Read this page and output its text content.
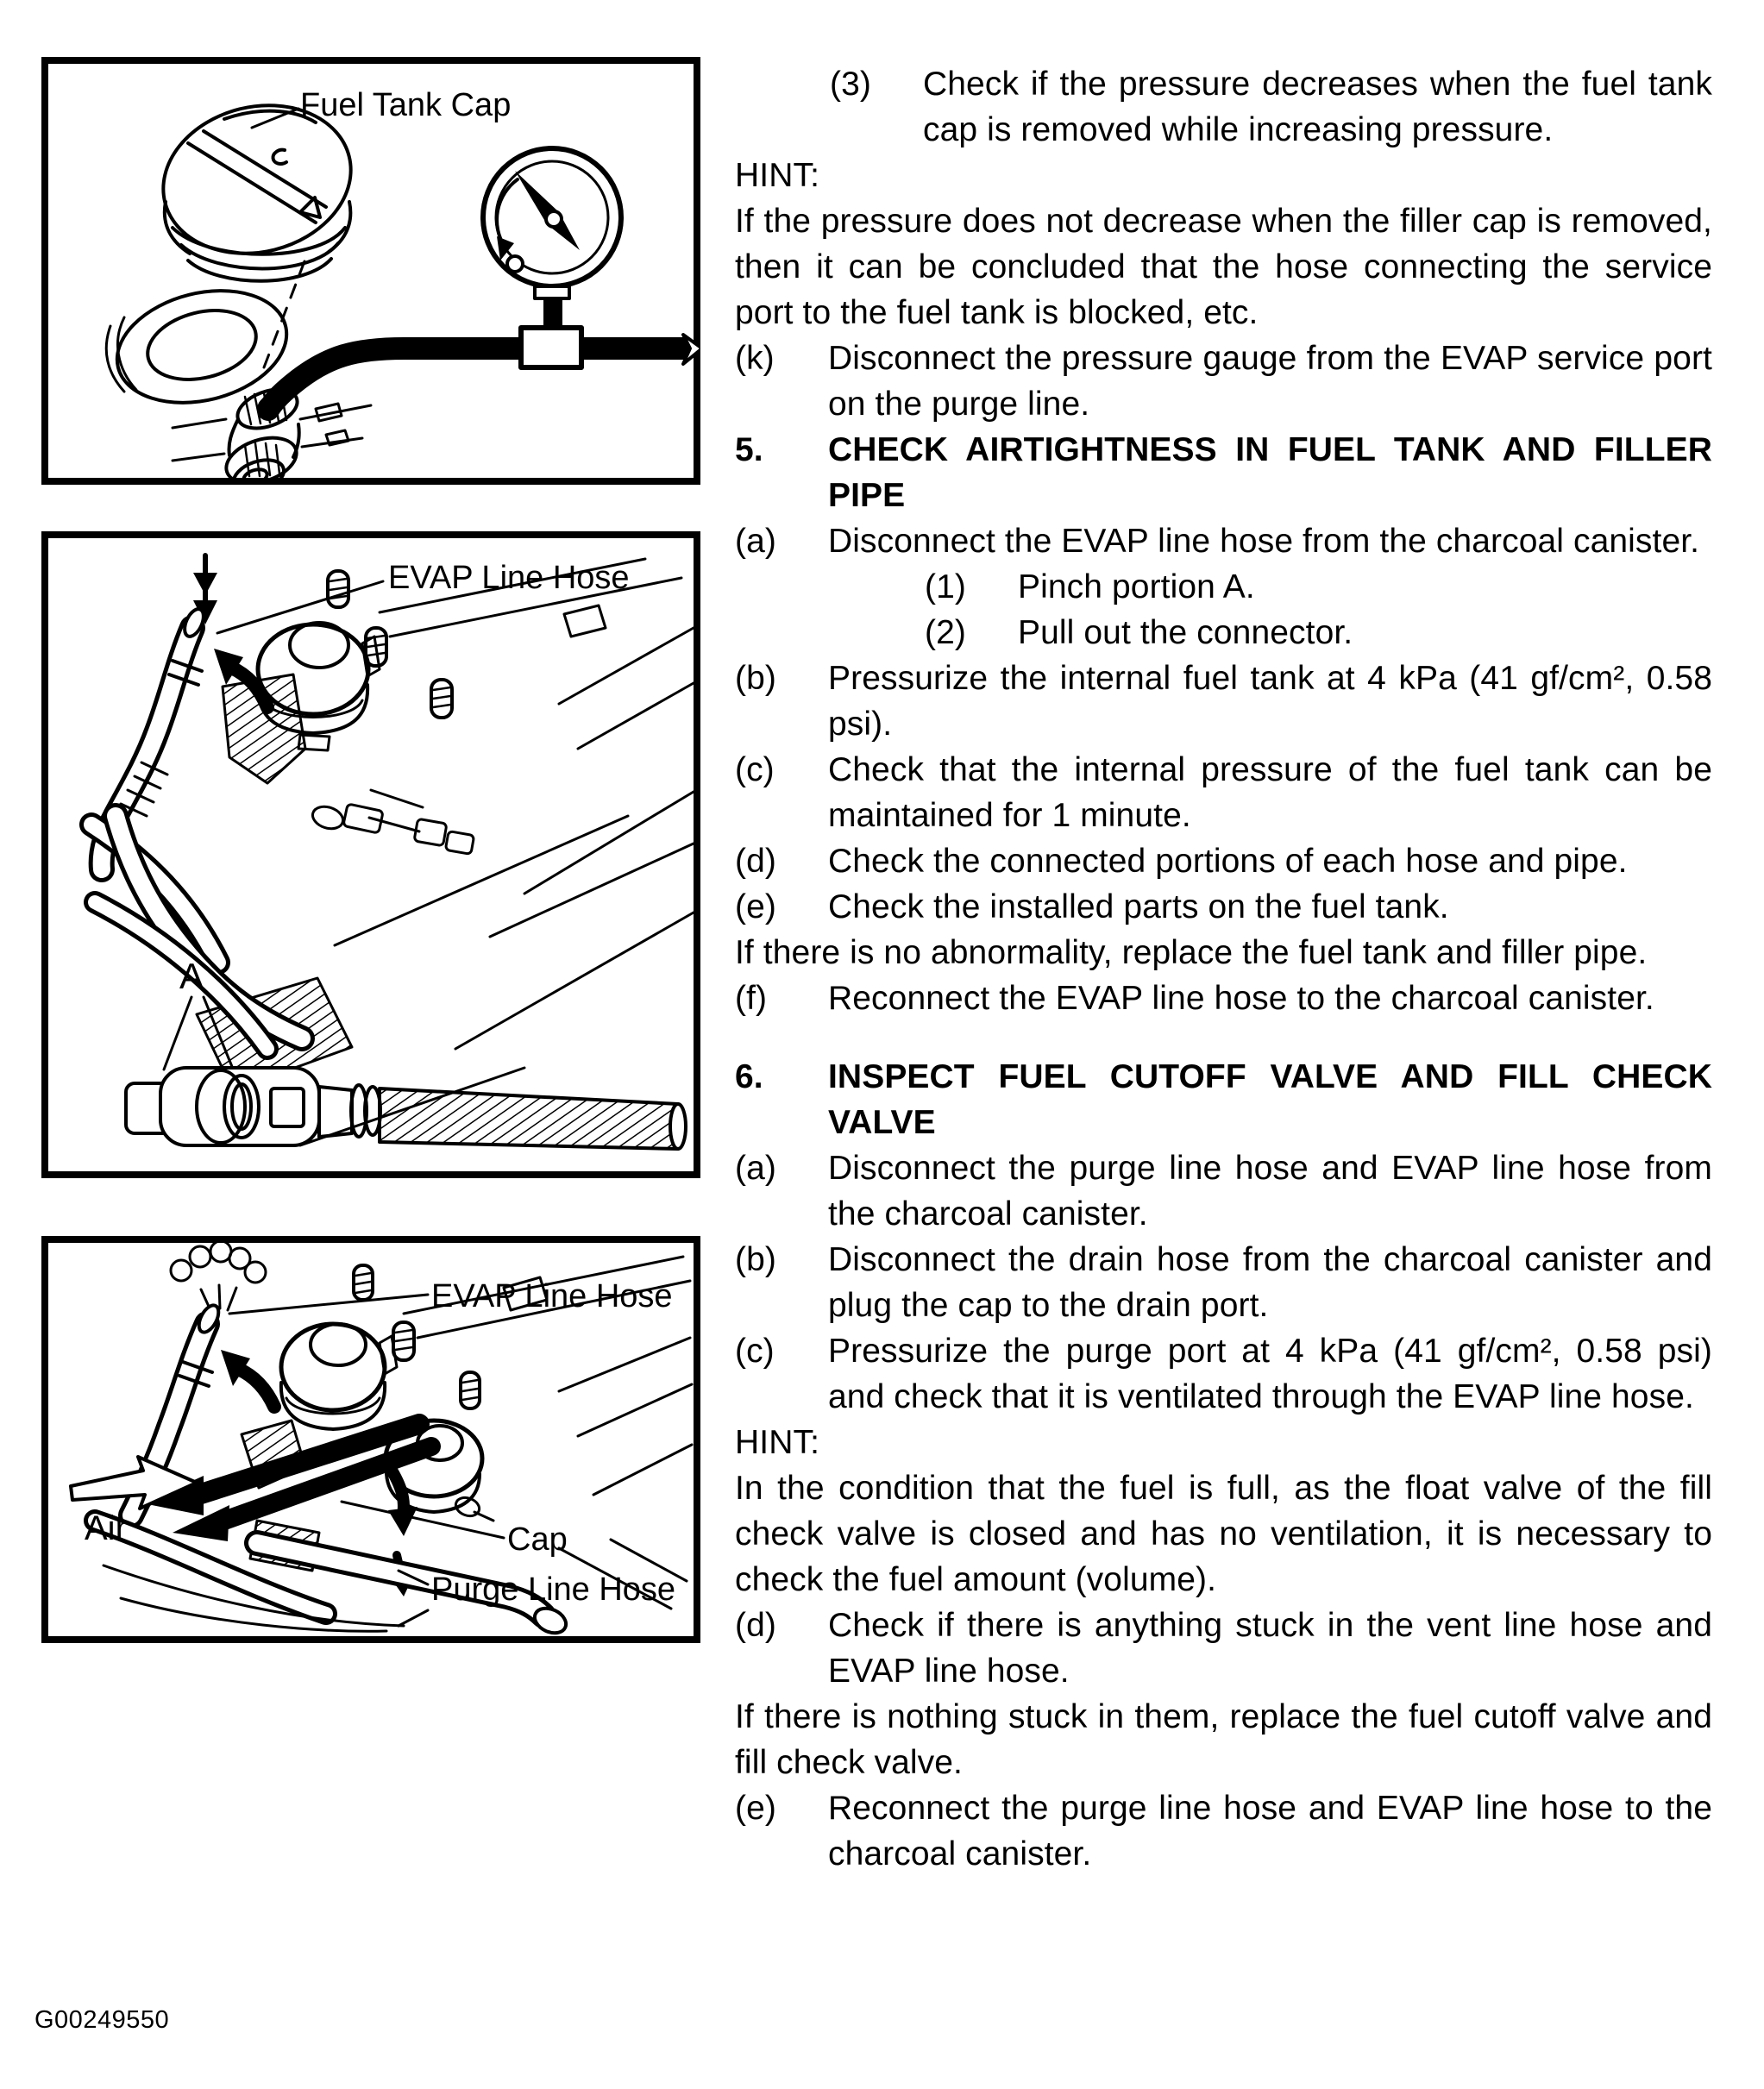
Fuel Tank Cap
EVAP Line Hose
A
EVAP Line Hose
Air	Cap
Purge Line Hose
(3)	Check if the pressure decreases when the fuel tank cap is removed while increasing pressure.
HINT:
If the pressure does not decrease when the filler cap is removed, then it can be concluded that the hose connecting the service port to the fuel tank is blocked, etc.
(k)	Disconnect the pressure gauge from the EVAP service port on the purge line.
5.	CHECK AIRTIGHTNESS IN FUEL TANK AND FILLER PIPE
(a)	Disconnect the EVAP line hose from the charcoal canister.
(1)	Pinch portion A.
(2)	Pull out the connector.
(b)	Pressurize the internal fuel tank at 4 kPa (41 gf/cm², 0.58 psi).
(c)	Check that the internal pressure of the fuel tank can be maintained for 1 minute.
(d)	Check the connected portions of each hose and pipe.
(e)	Check the installed parts on the fuel tank.
If there is no abnormality, replace the fuel tank and filler pipe.
(f)	Reconnect the EVAP line hose to the charcoal canister.
6.	INSPECT FUEL CUTOFF VALVE AND FILL CHECK VALVE
(a)	Disconnect the purge line hose and EVAP line hose from the charcoal canister.
(b)	Disconnect the drain hose from the charcoal canister and plug the cap to the drain port.
(c)	Pressurize the purge port at 4 kPa (41 gf/cm², 0.58 psi) and check that it is ventilated through the EVAP line hose.
HINT:
In the condition that the fuel is full, as the float valve of the fill check valve is closed and has no ventilation, it is necessary to check the fuel amount (volume).
(d)	Check if there is anything stuck in the vent line hose and EVAP line hose.
If there is nothing stuck in them, replace the fuel cutoff valve and fill check valve.
(e)	Reconnect the purge line hose and EVAP line hose to the charcoal canister.
G00249550
